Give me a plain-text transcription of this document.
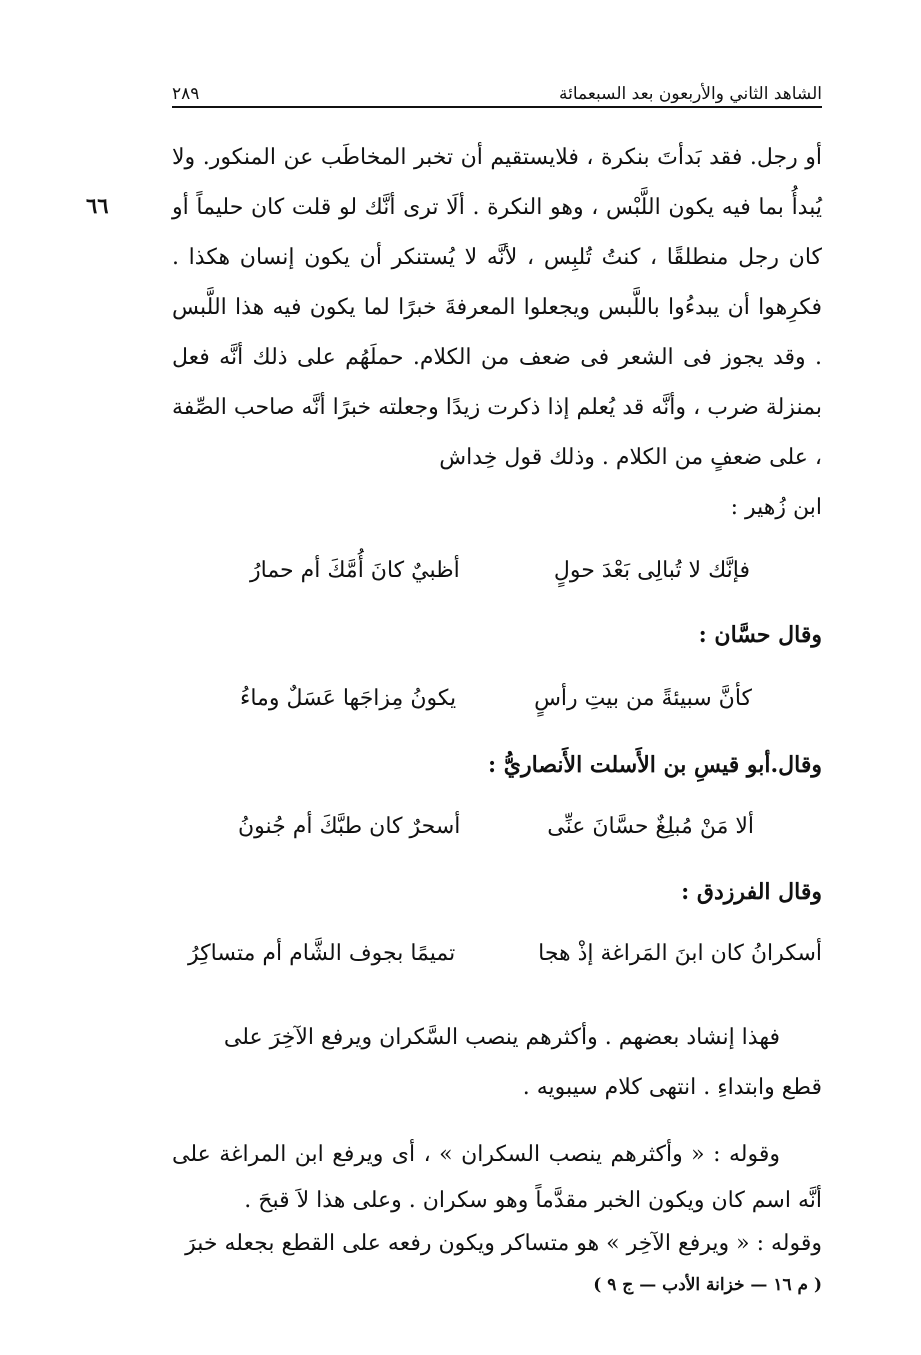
الشاهد الثاني والأربعون بعد السبعمائة
٢٨٩
٦٦

أو رجل. فقد بَدأتَ بنكرة ، فلايستقيم أن تخبر المخاطَب عن المنكور. ولا يُبدأُ بما فيه يكون اللَّبْس ، وهو النكرة . ألَا ترى أنَّك لو قلت كان حليماً أو كان رجل منطلقًا ، كنتُ تُلبِس ، لأنَّه لا يُستنكر أن يكون إنسان هكذا . فكرِهوا أن يبدءُوا باللَّبس ويجعلوا المعرفةَ خبرًا لما يكون فيه هذا اللَّبس . وقد يجوز فى الشعر فى ضعف من الكلام. حملَهُم على ذلك أنَّه فعل بمنزلة ضرب ، وأنَّه قد يُعلم إذا ذكرت زيدًا وجعلته خبرًا أنَّه صاحب الصِّفة ، على ضعفٍ من الكلام . وذلك قول خِداش

ابن زُهير :

فإنَّك لا تُبالِى بَعْدَ حولٍ
أظبيٌ كانَ أُمَّكَ أم حمارُ
وقال حسَّان :
كأنَّ سبيئةً من بيتِ رأسٍ
يكونُ مِزاجَها عَسَلٌ وماءُ
وقال.أبو قيسِ بن الأَسلت الأَنصاريُّ :
ألا مَنْ مُبلِغٌ حسَّانَ عنِّى
أسحرٌ كان طبَّكَ أم جُنونُ
وقال الفرزدق :
أسكرانُ كان ابنَ المَراغة إذْ هجا
تميمًا بجوف الشَّام أم متساكِرُ

فهذا إنشاد بعضهم . وأكثرهم ينصب السَّكران ويرفع الآخِرَ على

قطع وابتداءِ . انتهى كلام سيبويه .

وقوله : « وأكثرهم ينصب السكران » ، أى ويرفع ابن المراغة على أنَّه اسم كان ويكون الخبر مقدَّماً وهو سكران . وعلى هذا لاَ قبحَ .

وقوله : « ويرفع الآخِر » هو متساكر ويكون رفعه على القطع بجعله خبرَ

( م ١٦ — خزانة الأدب — ج ٩ )
